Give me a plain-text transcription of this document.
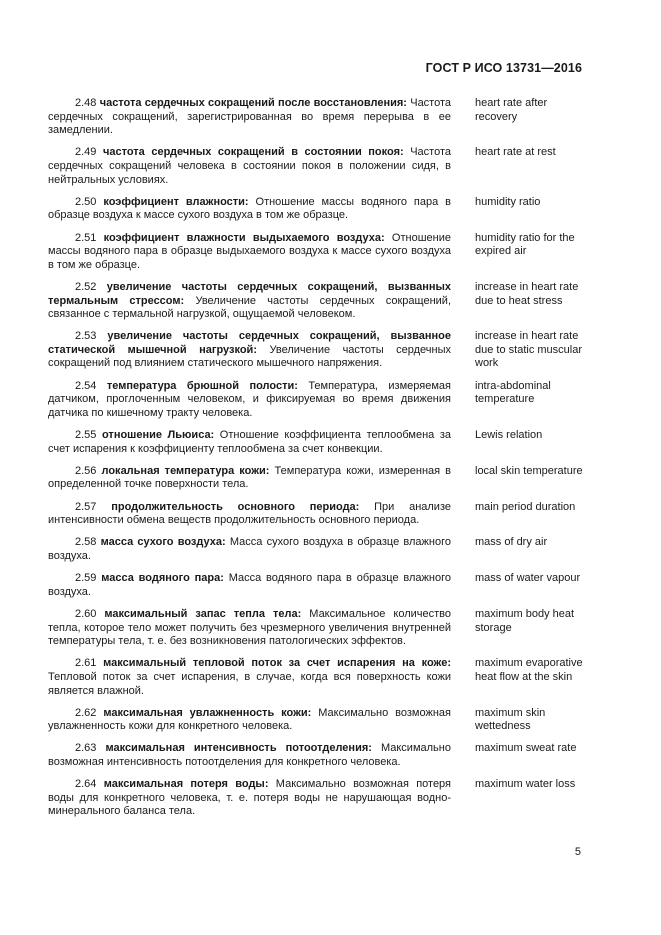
ГОСТ Р ИСО 13731—2016
2.48 частота сердечных сокращений после восстановления: Частота сердечных сокращений, зарегистрированная во время перерыва в ее замедлении.
heart rate after recovery
2.49 частота сердечных сокращений в состоянии покоя: Частота сердечных сокращений человека в состоянии покоя в положении сидя, в нейтральных условиях.
heart rate at rest
2.50 коэффициент влажности: Отношение массы водяного пара в образце воздуха к массе сухого воздуха в том же образце.
humidity ratio
2.51 коэффициент влажности выдыхаемого воздуха: Отношение массы водяного пара в образце выдыхаемого воздуха к массе сухого воздуха в том же образце.
humidity ratio for the expired air
2.52 увеличение частоты сердечных сокращений, вызванных термальным стрессом: Увеличение частоты сердечных сокращений, связанное с термальной нагрузкой, ощущаемой человеком.
increase in heart rate due to heat stress
2.53 увеличение частоты сердечных сокращений, вызванное статической мышечной нагрузкой: Увеличение частоты сердечных сокращений под влиянием статического мышечного напряжения.
increase in heart rate due to static muscular work
2.54 температура брюшной полости: Температура, измеряемая датчиком, проглоченным человеком, и фиксируемая во время движения датчика по кишечному тракту человека.
intra-abdominal temperature
2.55 отношение Льюиса: Отношение коэффициента теплообмена за счет испарения к коэффициенту теплообмена за счет конвекции.
Lewis relation
2.56 локальная температура кожи: Температура кожи, измеренная в определенной точке поверхности тела.
local skin temperature
2.57 продолжительность основного периода: При анализе интенсивности обмена веществ продолжительность основного периода.
main period duration
2.58 масса сухого воздуха: Масса сухого воздуха в образце влажного воздуха.
mass of dry air
2.59 масса водяного пара: Масса водяного пара в образце влажного воздуха.
mass of water vapour
2.60 максимальный запас тепла тела: Максимальное количество тепла, которое тело может получить без чрезмерного увеличения внутренней температуры тела, т. е. без возникновения патологических эффектов.
maximum body heat storage
2.61 максимальный тепловой поток за счет испарения на коже: Тепловой поток за счет испарения, в случае, когда вся поверхность кожи является влажной.
maximum evaporative heat flow at the skin
2.62 максимальная увлажненность кожи: Максимально возможная увлажненность кожи для конкретного человека.
maximum skin wettedness
2.63 максимальная интенсивность потоотделения: Максимально возможная интенсивность потоотделения для конкретного человека.
maximum sweat rate
2.64 максимальная потеря воды: Максимально возможная потеря воды для конкретного человека, т. е. потеря воды не нарушающая водно-минерального баланса тела.
maximum water loss
5
